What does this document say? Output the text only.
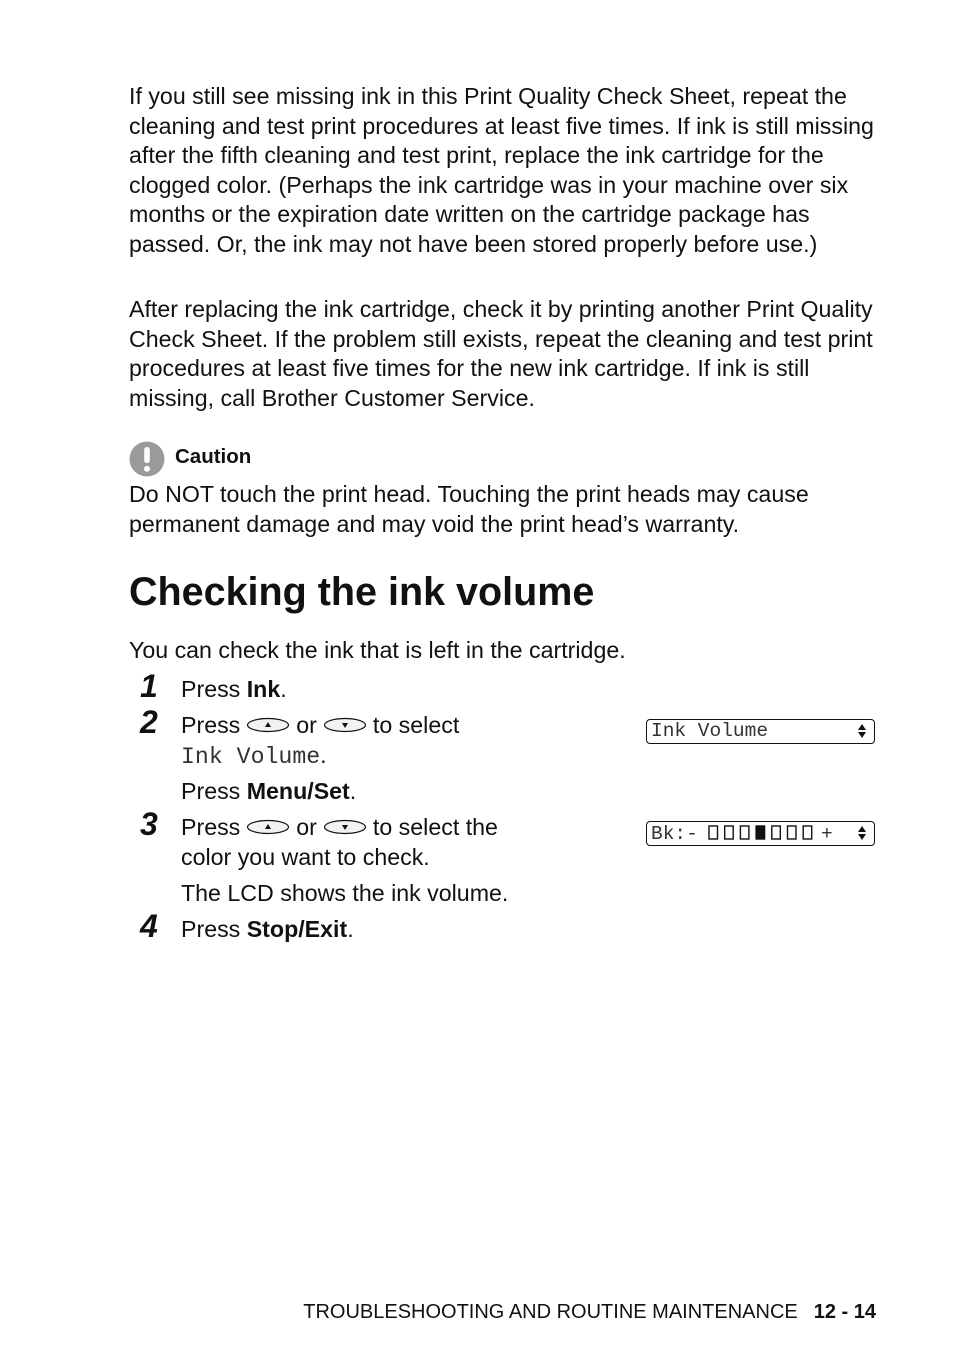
If you still see missing ink in this Print Quality Check Sheet, repeat the cleaning and test print procedures at least five times. If ink is still missing after the fifth cleaning and test print, replace the ink cartridge for the clogged color. (Perhaps the ink cartridge was in your machine over six months or the expiration date written on the cartridge package has passed. Or, the ink may not have been stored properly before use.)

After replacing the ink cartridge, check it by printing another Print Quality Check Sheet. If the problem still exists, repeat the cleaning and test print procedures at least five times for the new ink cartridge. If ink is still missing, call Brother Customer Service.

Caution

Do NOT touch the print head. Touching the print heads may cause permanent damage and may void the print head’s warranty.

Checking the ink volume

You can check the ink that is left in the cartridge.

1 Press Ink.

2 Press or to select

Ink Volume.

Press Menu/Set.

3 Press or to select the

color you want to check.

The LCD shows the ink volume.

4 Press Stop/Exit.

Ink Volume
Bk:-	+
TROUBLESHOOTING AND ROUTINE MAINTENANCE 12 - 14
